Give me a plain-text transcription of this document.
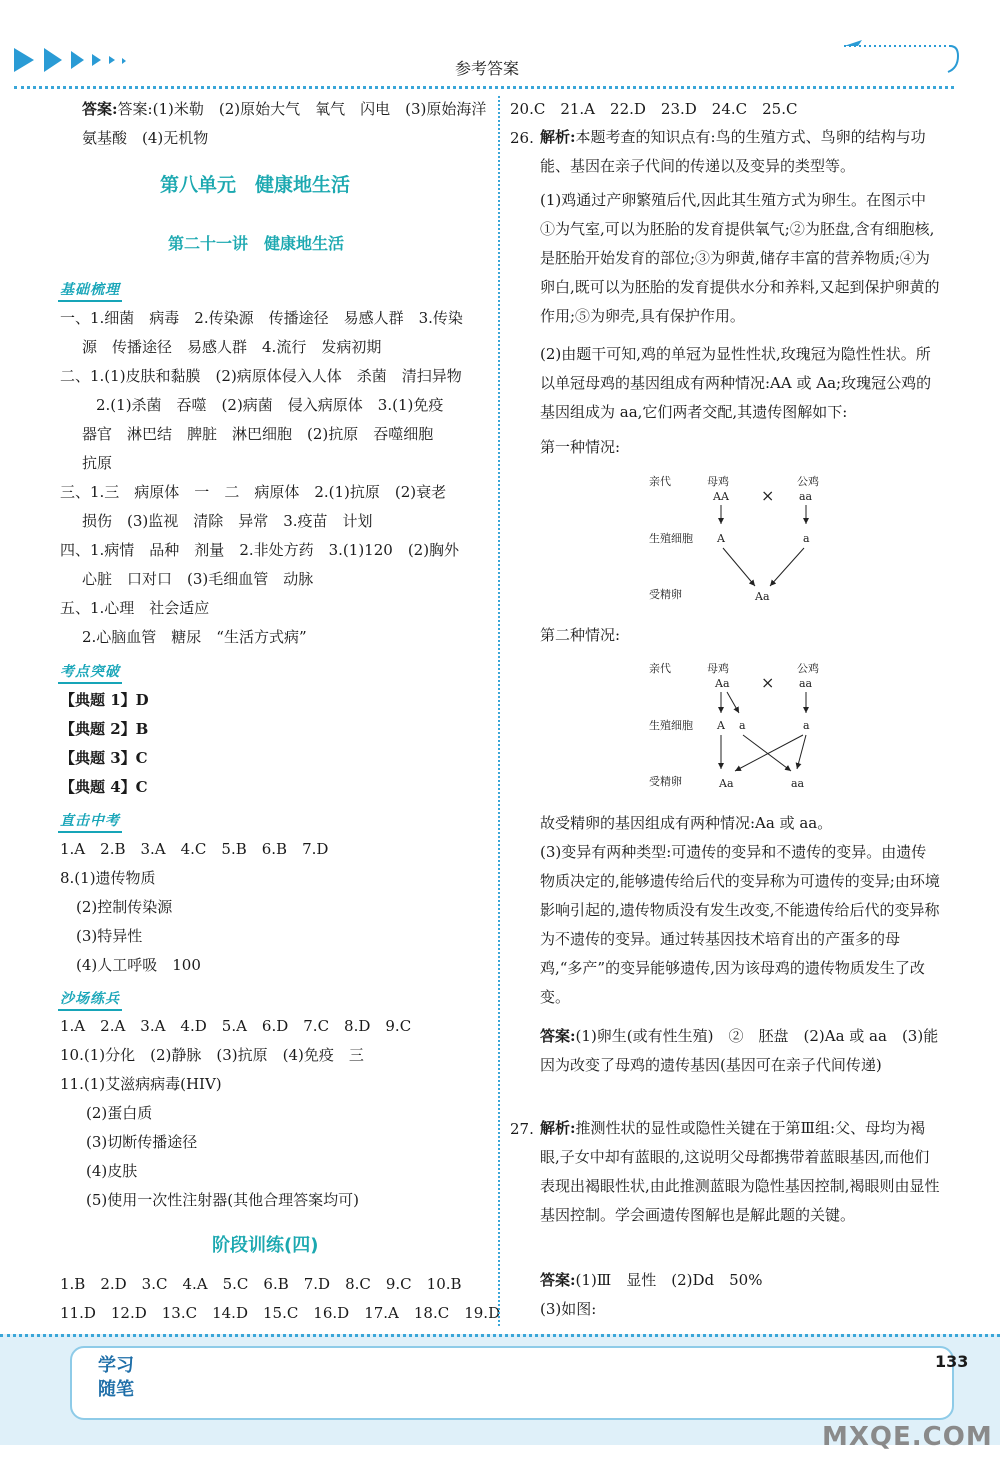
参考答案
答案:答案:(1)米勒　(2)原始大气　氧气　闪电　(3)原始海洋
氨基酸　(4)无机物
第八单元　健康地生活
第二十一讲　健康地生活
基础梳理
一、1.细菌　病毒　2.传染源　传播途径　易感人群　3.传染
源　传播途径　易感人群　4.流行　发病初期
二、1.(1)皮肤和黏膜　(2)病原体侵入人体　杀菌　清扫异物
2.(1)杀菌　吞噬　(2)病菌　侵入病原体　3.(1)免疫
器官　淋巴结　脾脏　淋巴细胞　(2)抗原　吞噬细胞
抗原
三、1.三　病原体　一　二　病原体　2.(1)抗原　(2)衰老
损伤　(3)监视　清除　异常　3.疫苗　计划
四、1.病情　品种　剂量　2.非处方药　3.(1)120　(2)胸外
心脏　口对口　(3)毛细血管　动脉
五、1.心理　社会适应
2.心脑血管　糖尿　“生活方式病”
考点突破
【典题 1】D
【典题 2】B
【典题 3】C
【典题 4】C
直击中考
1.A　2.B　3.A　4.C　5.B　6.B　7.D
8.(1)遗传物质
(2)控制传染源
(3)特异性
(4)人工呼吸　100
沙场练兵
1.A　2.A　3.A　4.D　5.A　6.D　7.C　8.D　9.C
10.(1)分化　(2)静脉　(3)抗原　(4)免疫　三
11.(1)艾滋病病毒(HIV)
(2)蛋白质
(3)切断传播途径
(4)皮肤
(5)使用一次性注射器(其他合理答案均可)
阶段训练(四)
1.B　2.D　3.C　4.A　5.C　6.B　7.D　8.C　9.C　10.B
11.D　12.D　13.C　14.D　15.C　16.D　17.A　18.C　19.D
20.C　21.A　22.D　23.D　24.C　25.C
26. 解析:本题考查的知识点有:鸟的生殖方式、鸟卵的结构与功能、基因在亲子代间的传递以及变异的类型等。
(1)鸡通过产卵繁殖后代,因此其生殖方式为卵生。在图示中①为气室,可以为胚胎的发育提供氧气;②为胚盘,含有细胞核,是胚胎开始发育的部位;③为卵黄,储存丰富的营养物质;④为卵白,既可以为胚胎的发育提供水分和养料,又起到保护卵黄的作用;⑤为卵壳,具有保护作用。
(2)由题干可知,鸡的单冠为显性性状,玫瑰冠为隐性性状。所以单冠母鸡的基因组成有两种情况:AA 或 Aa;玫瑰冠公鸡的基因组成为 aa,它们两者交配,其遗传图解如下:
第一种情况:
亲代	母鸡	公鸡
AA × aa
生殖细胞 A	a
受精卵	Aa
第二种情况:
亲代	母鸡	公鸡
Aa × aa
生殖细胞 A a	a
受精卵	Aa	aa
故受精卵的基因组成有两种情况:Aa 或 aa。
(3)变异有两种类型:可遗传的变异和不遗传的变异。由遗传物质决定的,能够遗传给后代的变异称为可遗传的变异;由环境影响引起的,遗传物质没有发生改变,不能遗传给后代的变异称为不遗传的变异。通过转基因技术培育出的产蛋多的母鸡,“多产”的变异能够遗传,因为该母鸡的遗传物质发生了改变。
答案:(1)卵生(或有性生殖)　②　胚盘　(2)Aa 或 aa　(3)能　因为改变了母鸡的遗传基因(基因可在亲子代间传递)
27. 解析:推测性状的显性或隐性关键在于第Ⅲ组:父、母均为褐眼,子女中却有蓝眼的,这说明父母都携带着蓝眼基因,而他们表现出褐眼性状,由此推测蓝眼为隐性基因控制,褐眼则由显性基因控制。学会画遗传图解也是解此题的关键。
答案:(1)Ⅲ　显性　(2)Dd　50%
(3)如图:
学习随笔
133
MXQE.COM
